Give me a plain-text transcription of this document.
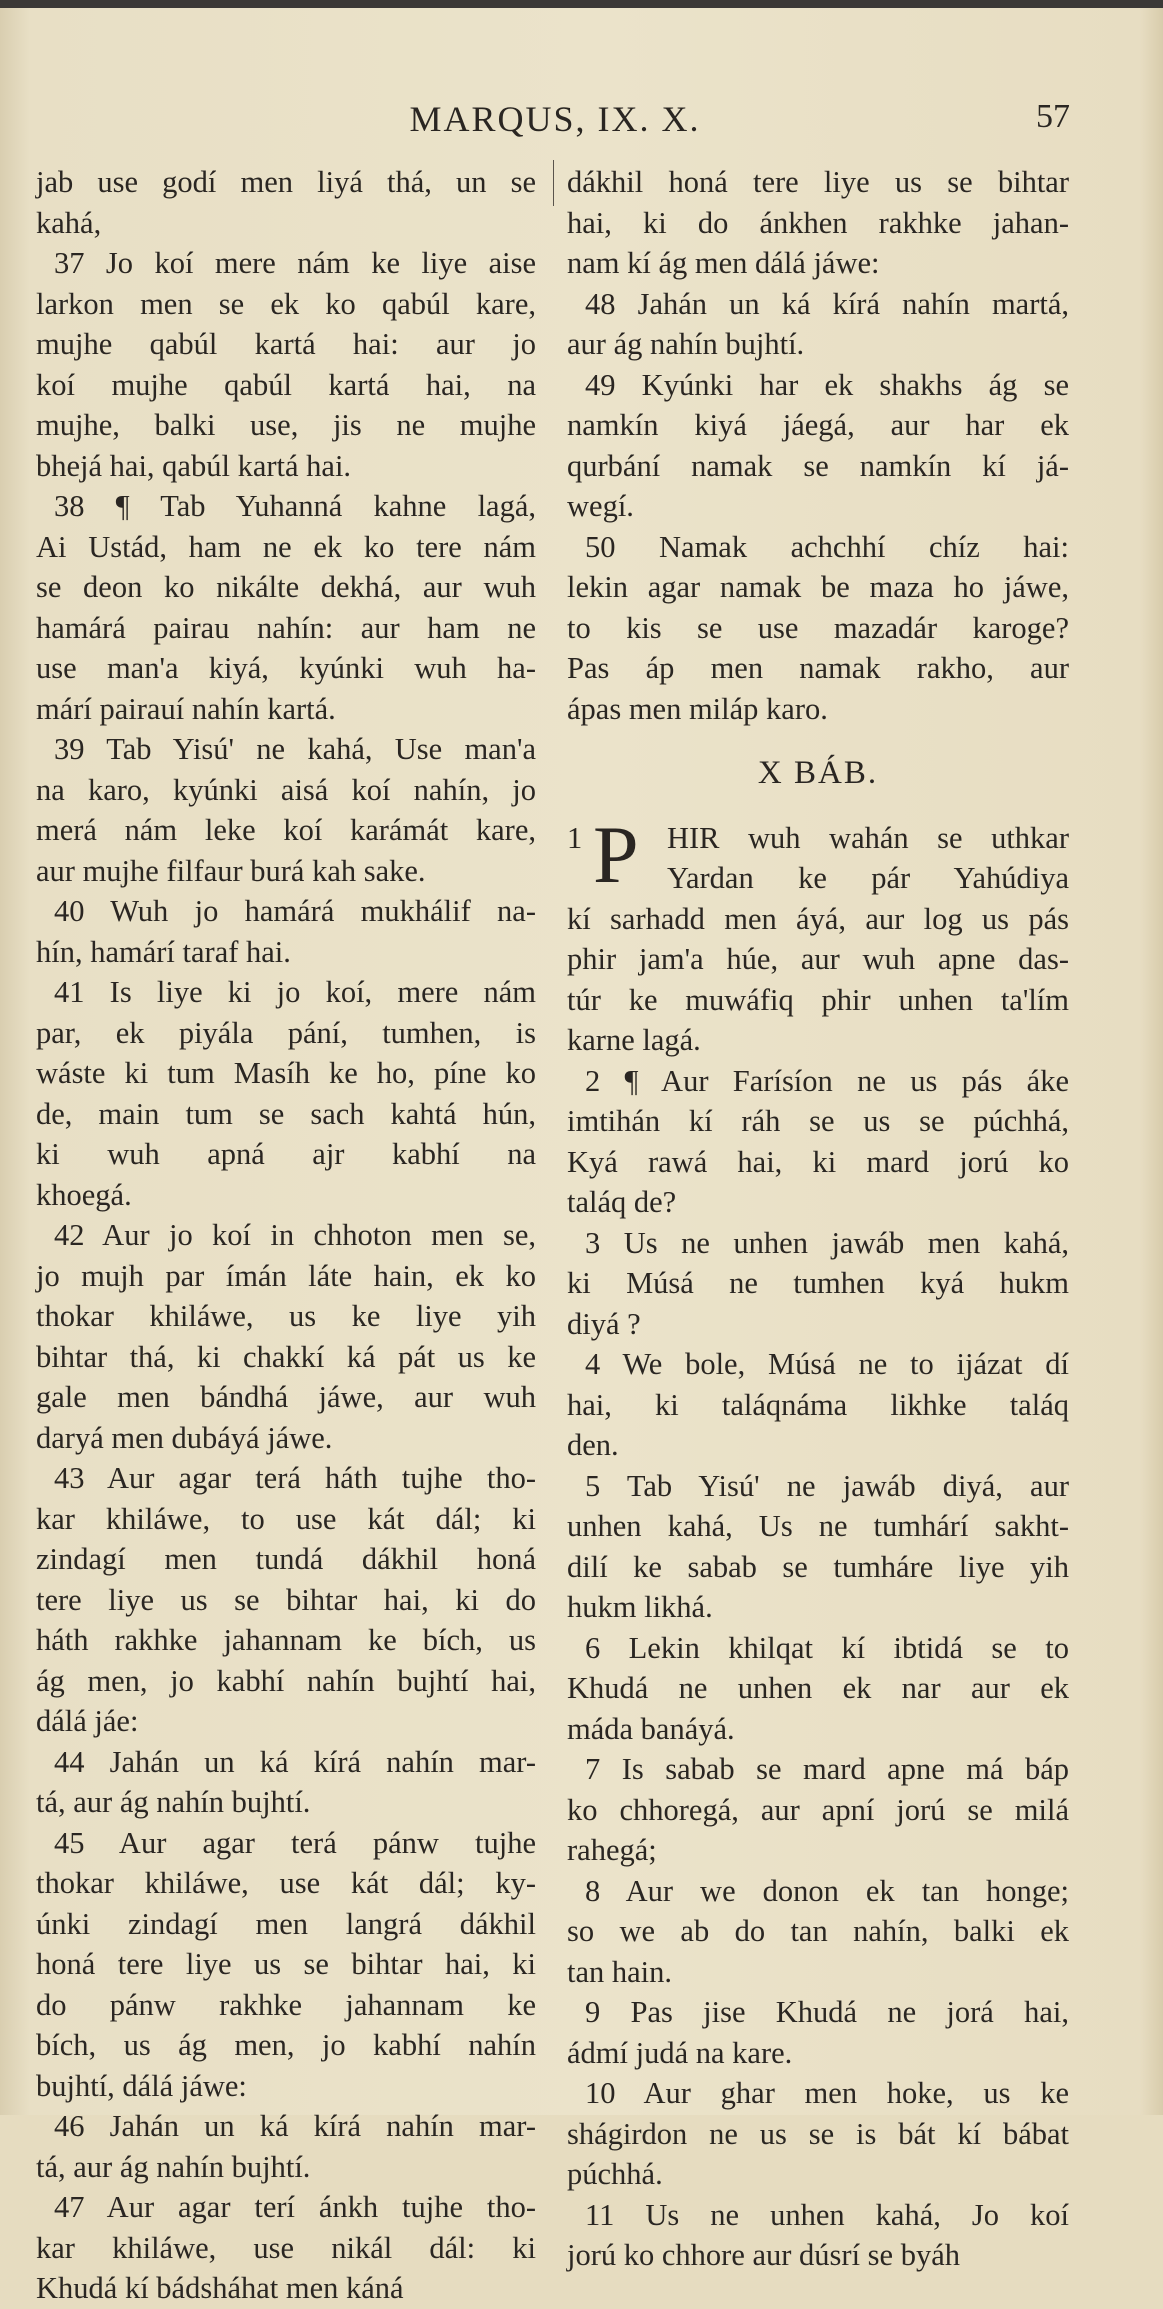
MARQUS, IX. X.	57
jab use godí men liyá thá, un se
kahá,
37 Jo koí mere nám ke liye aise
larkon men se ek ko qabúl kare,
mujhe qabúl kartá hai: aur jo
koí mujhe qabúl kartá hai, na
mujhe, balki use, jis ne mujhe
bhejá hai, qabúl kartá hai.
38 ¶ Tab Yuhanná kahne lagá,
Ai Ustád, ham ne ek ko tere nám
se deon ko nikálte dekhá, aur wuh
hamárá pairau nahín: aur ham ne
use man'a kiyá, kyúnki wuh ha-
márí pairauí nahín kartá.
39 Tab Yisú' ne kahá, Use man'a
na karo, kyúnki aisá koí nahín, jo
merá nám leke koí karámát kare,
aur mujhe filfaur burá kah sake.
40 Wuh jo hamárá mukhálif na-
hín, hamárí taraf hai.
41 Is liye ki jo koí, mere nám
par, ek piyála pání, tumhen, is
wáste ki tum Masíh ke ho, píne ko
de, main tum se sach kahtá hún,
ki wuh apná ajr kabhí na
khoegá.
42 Aur jo koí in chhoton men se,
jo mujh par ímán láte hain, ek ko
thokar khiláwe, us ke liye yih
bihtar thá, ki chakkí ká pát us ke
gale men bándhá jáwe, aur wuh
daryá men dubáyá jáwe.
43 Aur agar terá háth tujhe tho-
kar khiláwe, to use kát dál; ki
zindagí men tundá dákhil honá
tere liye us se bihtar hai, ki do
háth rakhke jahannam ke bích, us
ág men, jo kabhí nahín bujhtí hai,
dálá jáe:
44 Jahán un ká kírá nahín mar-
tá, aur ág nahín bujhtí.
45 Aur agar terá pánw tujhe
thokar khiláwe, use kát dál; ky-
únki zindagí men langrá dákhil
honá tere liye us se bihtar hai, ki
do pánw rakhke jahannam ke
bích, us ág men, jo kabhí nahín
bujhtí, dálá jáwe:
46 Jahán un ká kírá nahín mar-
tá, aur ág nahín bujhtí.
47 Aur agar terí ánkh tujhe tho-
kar khiláwe, use nikál dál: ki
Khudá kí bádsháhat men káná
dákhil honá tere liye us se bihtar
hai, ki do ánkhen rakhke jahan-
nam kí ág men dálá jáwe:
48 Jahán un ká kírá nahín martá,
aur ág nahín bujhtí.
49 Kyúnki har ek shakhs ág se
namkín kiyá jáegá, aur har ek
qurbání namak se namkín kí já-
wegí.
50 Namak achchhí chíz hai:
lekin agar namak be maza ho jáwe,
to kis se use mazadár karoge?
Pas áp men namak rakho, aur
ápas men miláp karo.
X BÁB.
1 P HIR wuh wahán se uthkar
Yardan ke pár Yahúdiya
kí sarhadd men áyá, aur log us pás
phir jam'a húe, aur wuh apne das-
túr ke muwáfiq phir unhen ta'lím
karne lagá.
2 ¶ Aur Farísíon ne us pás áke
imtihán kí ráh se us se púchhá,
Kyá rawá hai, ki mard jorú ko
taláq de?
3 Us ne unhen jawáb men kahá,
ki Músá ne tumhen kyá hukm
diyá ?
4 We bole, Músá ne to ijázat dí
hai, ki taláqnáma likhke taláq
den.
5 Tab Yisú' ne jawáb diyá, aur
unhen kahá, Us ne tumhárí sakht-
dilí ke sabab se tumháre liye yih
hukm likhá.
6 Lekin khilqat kí ibtidá se to
Khudá ne unhen ek nar aur ek
máda banáyá.
7 Is sabab se mard apne má báp
ko chhoregá, aur apní jorú se milá
rahegá;
8 Aur we donon ek tan honge;
so we ab do tan nahín, balki ek
tan hain.
9 Pas jise Khudá ne jorá hai,
ádmí judá na kare.
10 Aur ghar men hoke, us ke
shágirdon ne us se is bát kí bábat
púchhá.
11 Us ne unhen kahá, Jo koí
jorú ko chhore aur dúsrí se byáh
